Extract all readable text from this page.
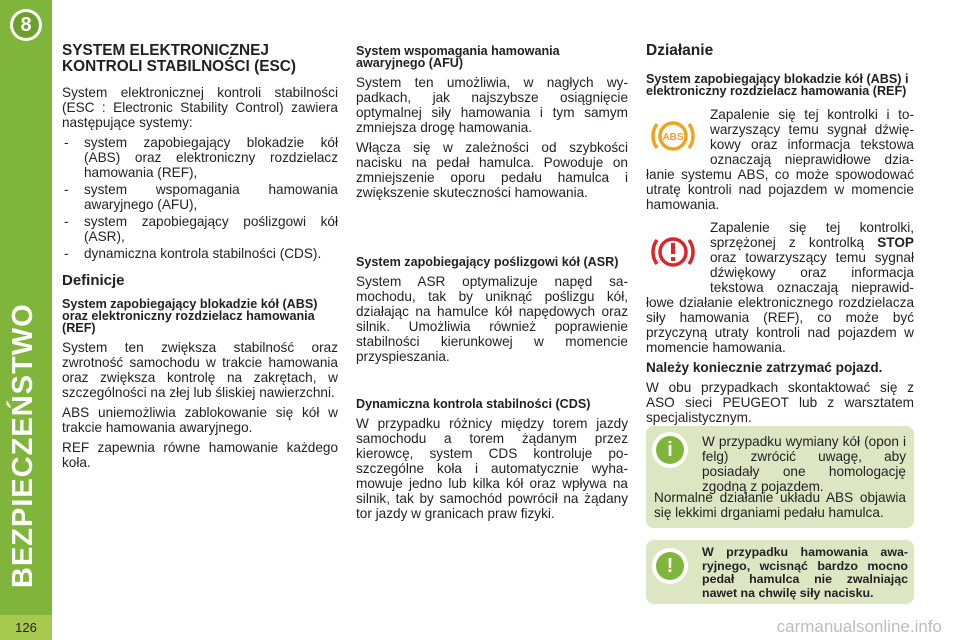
8
BEZPIECZEŃSTWO
126
SYSTEM ELEKTRONICZNEJ KONTROLI STABILNOŚCI (ESC)

System elektronicznej kontroli stabilności (ESC : Electronic Stability Control) zawiera następujące systemy:

- system zapobiegający blokadzie kół (ABS) oraz elektroniczny rozdzielacz hamowania (REF),
- system wspomagania hamowania awaryjnego (AFU),
- system zapobiegający poślizgowi kół (ASR),
- dynamiczna kontrola stabilności (CDS).
Definicje
System zapobiegający blokadzie kół (ABS) oraz elektroniczny rozdzielacz hamowania (REF)

System ten zwiększa stabilność oraz zwrotność samochodu w trakcie hamowania oraz zwiększa kontrolę na zakrętach, w szczególności na złej lub śliskiej nawierzchni.

ABS uniemożliwia zablokowanie się kół w trakcie hamowania awaryjnego.

REF zapewnia równe hamowanie każdego koła.

System wspomagania hamowania awaryjnego (AFU)

System ten umożliwia, w nagłych wypadkach, jak najszybsze osiągnięcie optymalnej siły hamowania i tym samym zmniejsza drogę hamowania.

Włącza się w zależności od szybkości nacisku na pedał hamulca. Powoduje on zmniejszenie oporu pedału hamulca i zwiększenie skuteczności hamowania.

System zapobiegający poślizgowi kół (ASR)

System ASR optymalizuje napęd samochodu, tak by uniknąć poślizgu kół, działając na hamulce kół napędowych oraz silnik. Umożliwia również poprawienie stabilności kierunkowej w momencie przyspieszania.

Dynamiczna kontrola stabilności (CDS)

W przypadku różnicy między torem jazdy samochodu a torem żądanym przez kierowcę, system CDS kontroluje poszczególne koła i automatycznie wyhamowuje jedno lub kilka kół oraz wpływa na silnik, tak by samochód powrócił na żądany tor jazdy w granicach praw fizyki.

Działanie
System zapobiegający blokadzie kół (ABS) i elektroniczny rozdzielacz hamowania (REF)

ABS
Zapalenie się tej kontrolki i towarzyszący temu sygnał dźwiękowy oraz informacja tekstowa oznaczają nieprawidłowe działanie systemu ABS, co może spowodować utratę kontroli nad pojazdem w momencie hamowania.

Zapalenie się tej kontrolki, sprzężonej z kontrolką STOP oraz towarzyszący temu sygnał dźwiękowy oraz informacja tekstowa oznaczają nieprawidłowe działanie elektronicznego rozdzielacza siły hamowania (REF), co może być przyczyną utraty kontroli nad pojazdem w momencie hamowania.

Należy koniecznie zatrzymać pojazd.

W obu przypadkach skontaktować się z ASO sieci PEUGEOT lub z warsztatem specjalistycznym.

i	W przypadku wymiany kół (opon i felg) zwrócić uwagę, aby posiadały one homologację zgodną z pojazdem.

Normalne działanie układu ABS objawia się lekkimi drganiami pedału hamulca.

!

W przypadku hamowania awaryjnego, wcisnąć bardzo mocno pedał hamulca nie zwalniając nawet na chwilę siły nacisku.

carmanualsonline.info
